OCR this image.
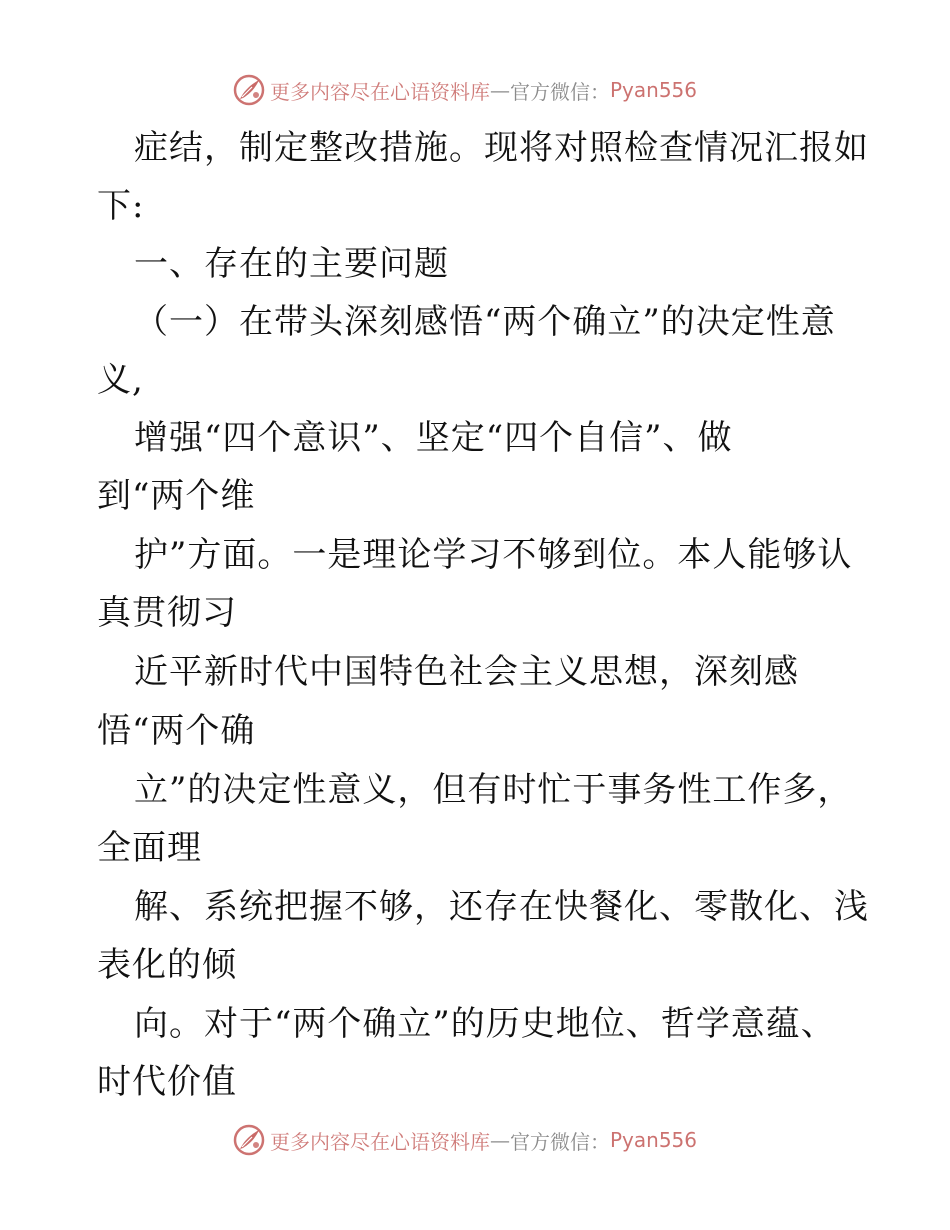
更多内容尽在心语资料库 — 官方微信： Pyan556
症结，制定整改措施。现将对照检查情况汇报如
下:
一、存在的主要问题
（一）在带头深刻感悟“两个确立”的决定性意
义,
增强“四个意识”、坚定“四个自信”、做
到“两个维
护”方面。一是理论学习不够到位。本人能够认
真贯彻习
近平新时代中国特色社会主义思想，深刻感
悟“两个确
立”的决定性意义，但有时忙于事务性工作多，
全面理
解、系统把握不够，还存在快餐化、零散化、浅
表化的倾
向。对于“两个确立”的历史地位、哲学意蕴、
时代价值
更多内容尽在心语资料库 — 官方微信： Pyan556
